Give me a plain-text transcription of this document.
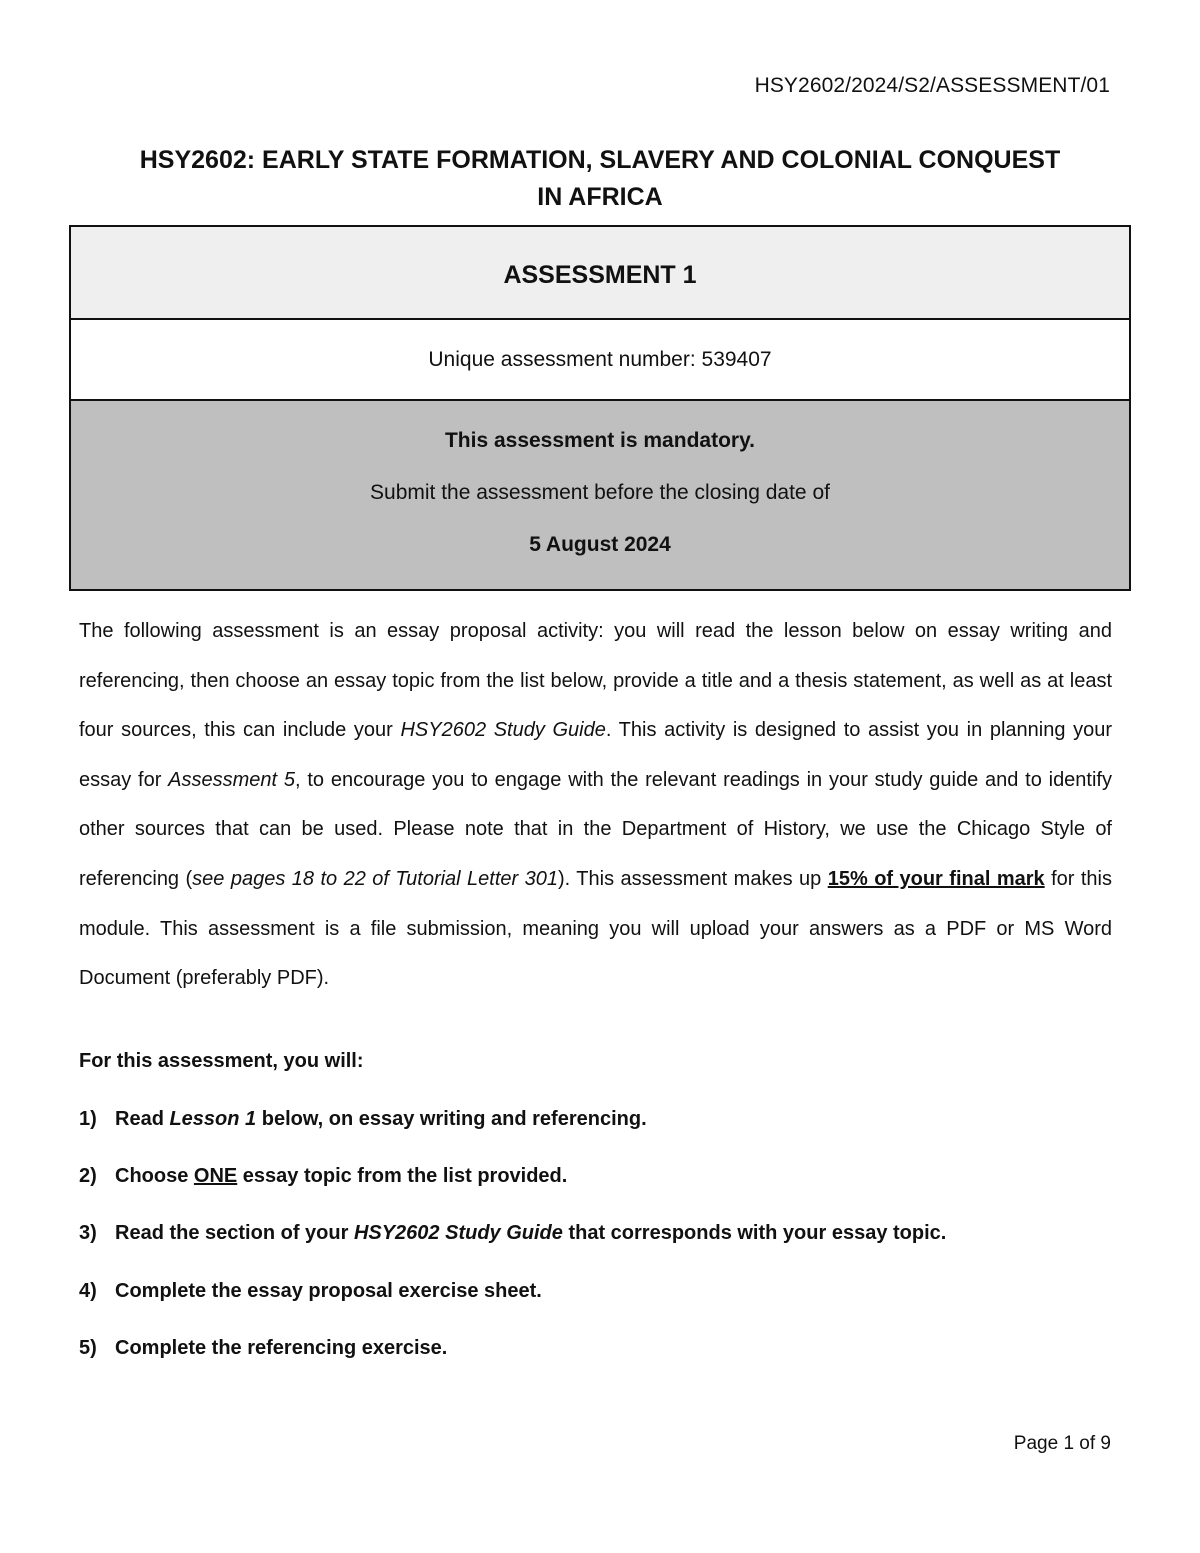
HSY2602/2024/S2/ASSESSMENT/01
HSY2602: EARLY STATE FORMATION, SLAVERY AND COLONIAL CONQUEST
IN AFRICA
ASSESSMENT 1
Unique assessment number: 539407
This assessment is mandatory.
Submit the assessment before the closing date of
5 August 2024

The following assessment is an essay proposal activity: you will read the lesson below on essay writing and referencing, then choose an essay topic from the list below, provide a title and a thesis statement, as well as at least four sources, this can include your HSY2602 Study Guide. This activity is designed to assist you in planning your essay for Assessment 5, to encourage you to engage with the relevant readings in your study guide and to identify other sources that can be used. Please note that in the Department of History, we use the Chicago Style of referencing (see pages 18 to 22 of Tutorial Letter 301). This assessment makes up 15% of your final mark for this module. This assessment is a file submission, meaning you will upload your answers as a PDF or MS Word Document (preferably PDF).

For this assessment, you will:
1) Read Lesson 1 below, on essay writing and referencing.
2) Choose ONE essay topic from the list provided.
3) Read the section of your HSY2602 Study Guide that corresponds with your essay topic.
4) Complete the essay proposal exercise sheet.
5) Complete the referencing exercise.
Page 1 of 9
